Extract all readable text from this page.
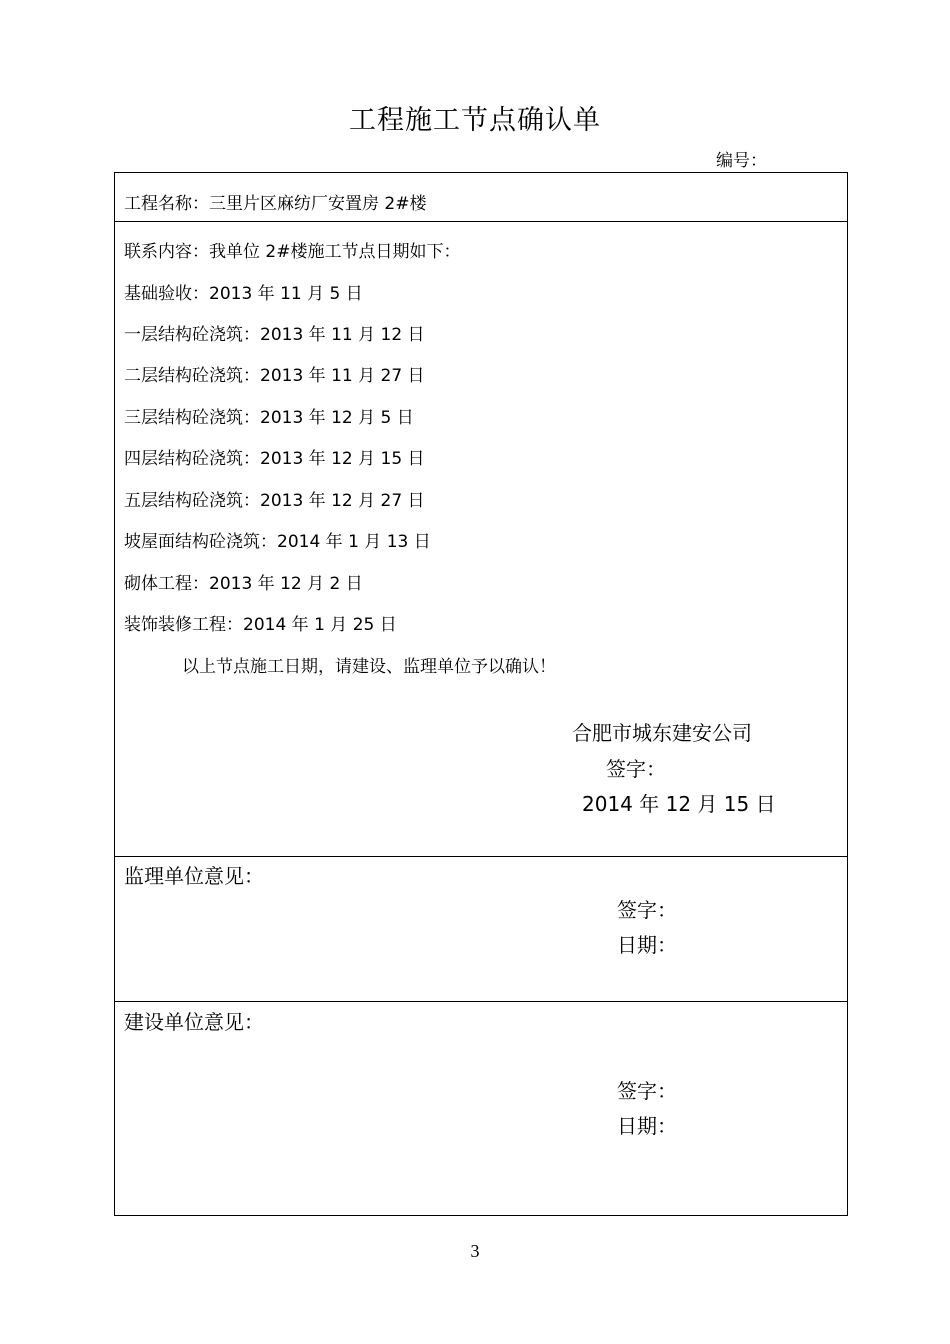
工程施工节点确认单
编号：
工程名称：三里片区麻纺厂安置房 2#楼
联系内容：我单位 2#楼施工节点日期如下：
基础验收：2013 年 11 月 5 日
一层结构砼浇筑：2013 年 11 月 12 日
二层结构砼浇筑：2013 年 11 月 27 日
三层结构砼浇筑：2013 年 12 月 5 日
四层结构砼浇筑：2013 年 12 月 15 日
五层结构砼浇筑：2013 年 12 月 27 日
坡屋面结构砼浇筑：2014 年 1 月 13 日
砌体工程：2013 年 12 月 2 日
装饰装修工程：2014 年 1 月 25 日
以上节点施工日期，请建设、监理单位予以确认！
合肥市城东建安公司
签字：
2014 年 12 月 15 日
监理单位意见：
签字：
日期：
建设单位意见：
签字：
日期：
3
